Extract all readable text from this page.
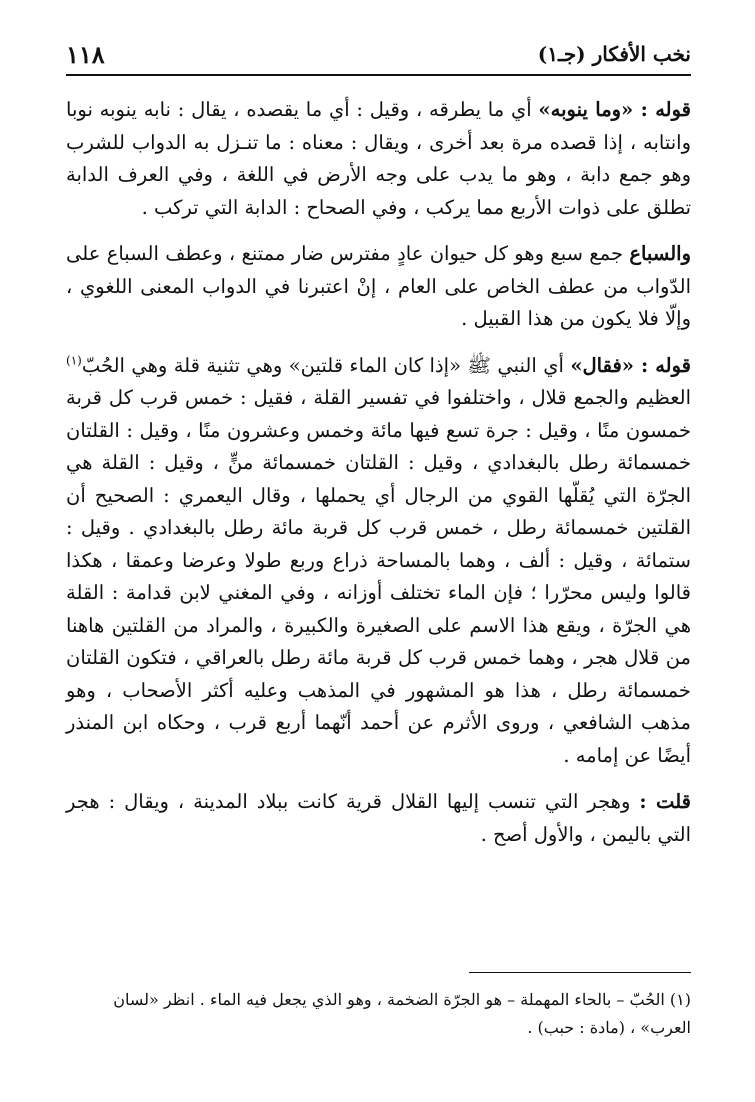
١١٨	نخب الأفكار (جـ١)

قوله : «وما ينوبه» أي ما يطرقه ، وقيل : أي ما يقصده ، يقال : نابه ينوبه نوبا وانتابه ، إذا قصده مرة بعد أخرى ، ويقال : معناه : ما تنـزل به الدواب للشرب وهو جمع دابة ، وهو ما يدب على وجه الأرض في اللغة ، وفي العرف الدابة تطلق على ذوات الأربع مما يركب ، وفي الصحاح : الدابة التي تركب .

والسباع جمع سبع وهو كل حيوان عادٍ مفترس ضار ممتنع ، وعطف السباع على الدّواب من عطف الخاص على العام ، إنْ اعتبرنا في الدواب المعنى اللغوي ، وإلّا فلا يكون من هذا القبيل .

قوله : «فقال» أي النبي ﷺ «إذا كان الماء قلتين» وهي تثنية قلة وهي الحُبّ$^{(١)}$ العظيم والجمع قلال ، واختلفوا في تفسير القلة ، فقيل : خمس قرب كل قربة خمسون منًا ، وقيل : جرة تسع فيها مائة وخمس وعشرون منًا ، وقيل : القلتان خمسمائة رطل بالبغدادي ، وقيل : القلتان خمسمائة منٍّ ، وقيل : القلة هي الجرّة التي يُقلّها القوي من الرجال أي يحملها ، وقال اليعمري : الصحيح أن القلتين خمسمائة رطل ، خمس قرب كل قربة مائة رطل بالبغدادي . وقيل : ستمائة ، وقيل : ألف ، وهما بالمساحة ذراع وربع طولا وعرضا وعمقا ، هكذا قالوا وليس محرّرا ؛ فإن الماء تختلف أوزانه ، وفي المغني لابن قدامة : القلة هي الجرّة ، ويقع هذا الاسم على الصغيرة والكبيرة ، والمراد من القلتين هاهنا من قلال هجر ، وهما خمس قرب كل قربة مائة رطل بالعراقي ، فتكون القلتان خمسمائة رطل ، هذا هو المشهور في المذهب وعليه أكثر الأصحاب ، وهو مذهب الشافعي ، وروى الأثرم عن أحمد أنّهما أربع قرب ، وحكاه ابن المنذر أيضًا عن إمامه .

قلت : وهجر التي تنسب إليها القلال قرية كانت ببلاد المدينة ، ويقال : هجر التي باليمن ، والأول أصح .

(١) الحُبّ – بالحاء المهملة – هو الجرّة الضخمة ، وهو الذي يجعل فيه الماء . انظر «لسان العرب» ، (مادة : حبب) .
